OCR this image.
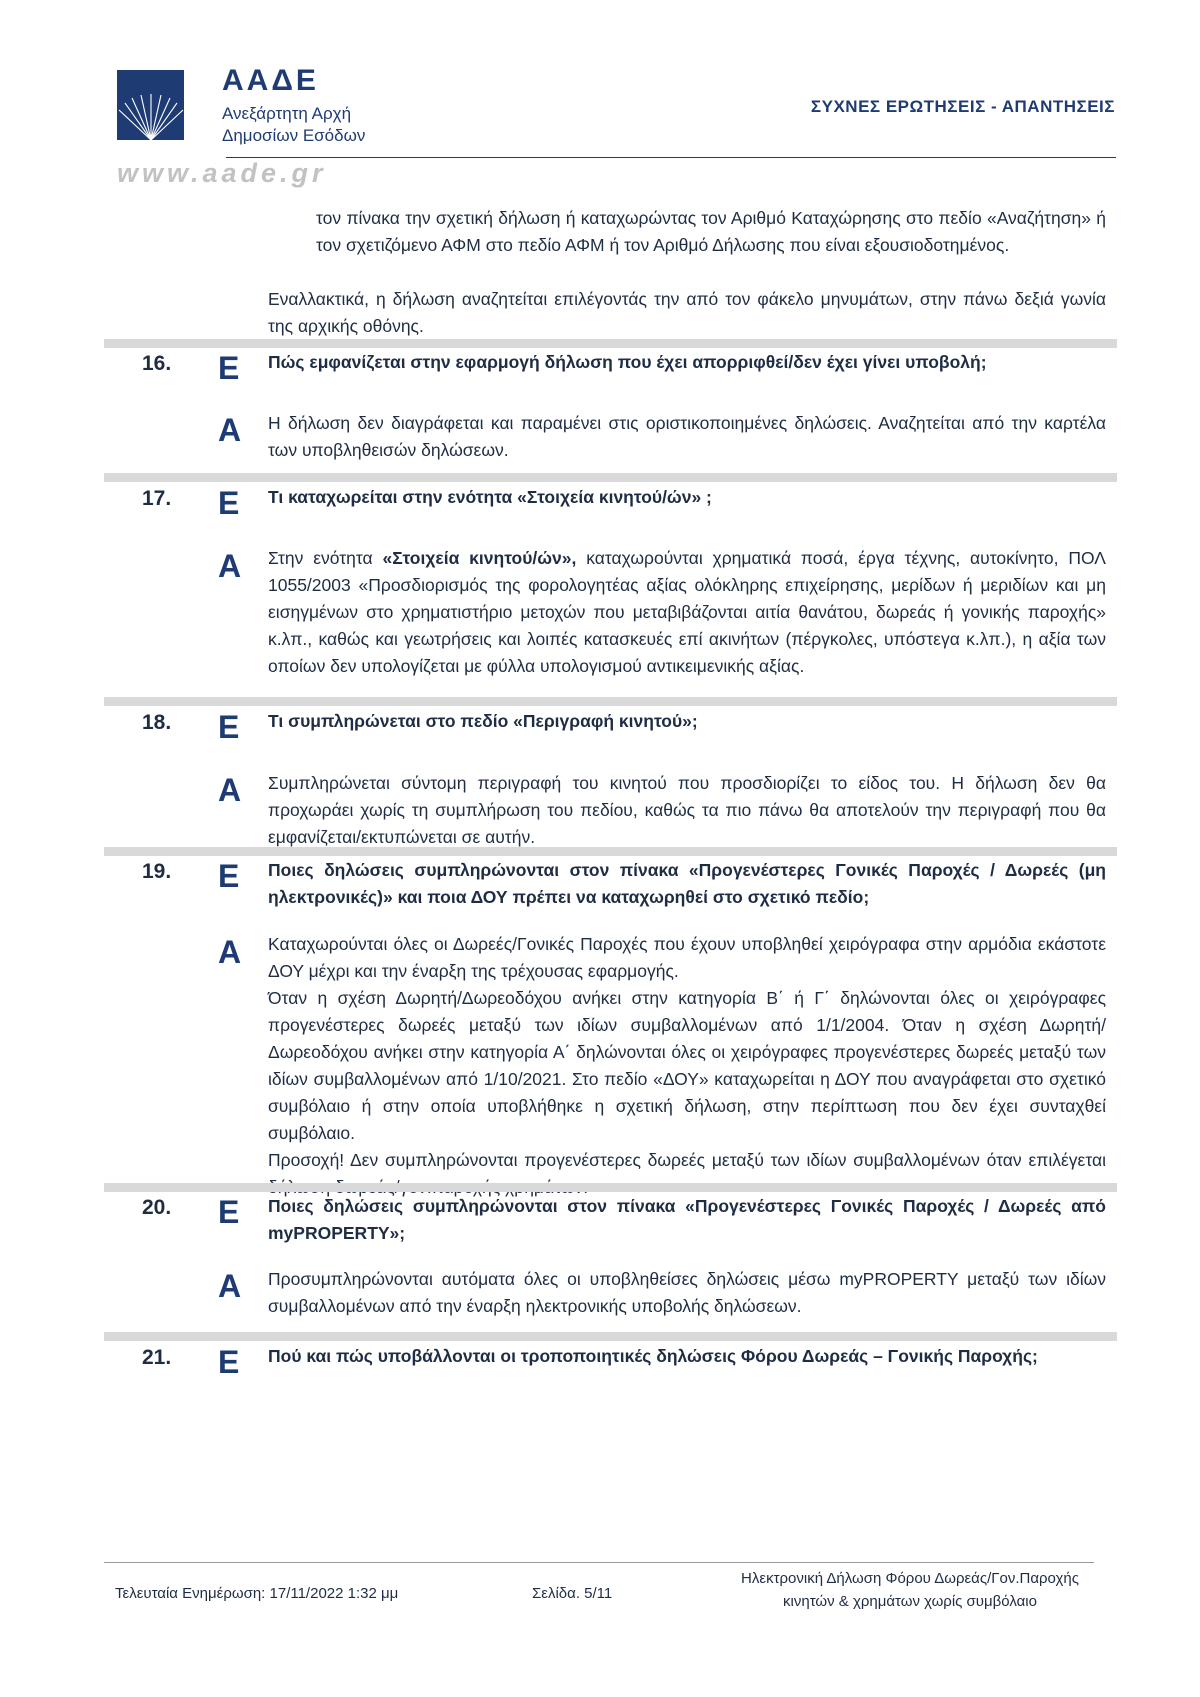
ΑΑΔΕ
Ανεξάρτητη Αρχή
Δημοσίων Εσόδων
www.aade.gr
ΣΥΧΝΕΣ ΕΡΩΤΗΣΕΙΣ - ΑΠΑΝΤΗΣΕΙΣ
τον πίνακα την σχετική δήλωση ή καταχωρώντας τον Αριθμό Καταχώρησης στο πεδίο «Αναζήτηση» ή τον σχετιζόμενο ΑΦΜ στο πεδίο ΑΦΜ ή τον Αριθμό Δήλωσης που είναι εξουσιοδοτημένος.
Εναλλακτικά, η δήλωση αναζητείται επιλέγοντάς την από τον φάκελο μηνυμάτων, στην πάνω δεξιά γωνία της αρχικής οθόνης.
16. Ε Πώς εμφανίζεται στην εφαρμογή δήλωση που έχει απορριφθεί/δεν έχει γίνει υποβολή;
Α Η δήλωση δεν διαγράφεται και παραμένει στις οριστικοποιημένες δηλώσεις. Αναζητείται από την καρτέλα των υποβληθεισών δηλώσεων.
17. Ε Τι καταχωρείται στην ενότητα «Στοιχεία κινητού/ών» ;
Α Στην ενότητα «Στοιχεία κινητού/ών», καταχωρούνται χρηματικά ποσά, έργα τέχνης, αυτοκίνητο, ΠΟΛ 1055/2003 «Προσδιορισμός της φορολογητέας αξίας ολόκληρης επιχείρησης, μερίδων ή μεριδίων και μη εισηγμένων στο χρηματιστήριο μετοχών που μεταβιβάζονται αιτία θανάτου, δωρεάς ή γονικής παροχής» κ.λπ., καθώς και γεωτρήσεις και λοιπές κατασκευές επί ακινήτων (πέργκολες, υπόστεγα κ.λπ.), η αξία των οποίων δεν υπολογίζεται με φύλλα υπολογισμού αντικειμενικής αξίας.
18. Ε Τι συμπληρώνεται στο πεδίο «Περιγραφή κινητού»;
Α Συμπληρώνεται σύντομη περιγραφή του κινητού που προσδιορίζει το είδος του. Η δήλωση δεν θα προχωράει χωρίς τη συμπλήρωση του πεδίου, καθώς τα πιο πάνω θα αποτελούν την περιγραφή που θα εμφανίζεται/εκτυπώνεται σε αυτήν.
19. Ε Ποιες δηλώσεις συμπληρώνονται στον πίνακα «Προγενέστερες Γονικές Παροχές / Δωρεές (μη ηλεκτρονικές)» και ποια ΔΟΥ πρέπει να καταχωρηθεί στο σχετικό πεδίο;
Α Καταχωρούνται όλες οι Δωρεές/Γονικές Παροχές που έχουν υποβληθεί χειρόγραφα στην αρμόδια εκάστοτε ΔΟΥ μέχρι και την έναρξη της τρέχουσας εφαρμογής.
Όταν η σχέση Δωρητή/Δωρεοδόχου ανήκει στην κατηγορία Β΄ ή Γ΄ δηλώνονται όλες οι χειρόγραφες προγενέστερες δωρεές μεταξύ των ιδίων συμβαλλομένων από 1/1/2004. Όταν η σχέση Δωρητή/Δωρεοδόχου ανήκει στην κατηγορία Α΄ δηλώνονται όλες οι χειρόγραφες προγενέστερες δωρεές μεταξύ των ιδίων συμβαλλομένων από 1/10/2021. Στο πεδίο «ΔΟΥ» καταχωρείται η ΔΟΥ που αναγράφεται στο σχετικό συμβόλαιο ή στην οποία υποβλήθηκε η σχετική δήλωση, στην περίπτωση που δεν έχει συνταχθεί συμβόλαιο.
Προσοχή! Δεν συμπληρώνονται προγενέστερες δωρεές μεταξύ των ιδίων συμβαλλομένων όταν επιλέγεται
20. Ε Ποιες δηλώσεις συμπληρώνονται στον πίνακα «Προγενέστερες Γονικές Παροχές / Δωρεές από myPROPERTY»;
Α Προσυμπληρώνονται αυτόματα όλες οι υποβληθείσες δηλώσεις μέσω myPROPERTY μεταξύ των ιδίων συμβαλλομένων από την έναρξη ηλεκτρονικής υποβολής δηλώσεων.
21. Ε Πού και πώς υποβάλλονται οι τροποποιητικές δηλώσεις Φόρου Δωρεάς – Γονικής Παροχής;
Τελευταία Ενημέρωση: 17/11/2022 1:32 μμ	Σελίδα. 5/11
Ηλεκτρονική Δήλωση Φόρου Δωρεάς/Γον.Παροχής
κινητών & χρημάτων χωρίς συμβόλαιο
